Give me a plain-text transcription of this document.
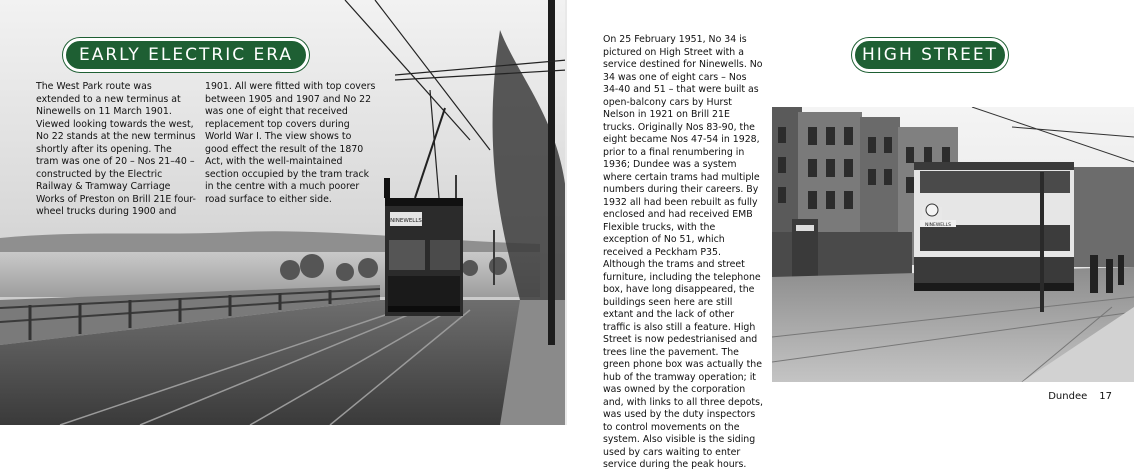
NINEWELLS
EARLY ELECTRIC ERA
The West Park route was extended to a new terminus at Ninewells on 11 March 1901. Viewed looking towards the west, No 22 stands at the new terminus shortly after its opening. The tram was one of 20 – Nos 21–40 – constructed by the Electric Railway & Tramway Carriage Works of Preston on Brill 21E four-wheel trucks during 1900 and
1901. All were fitted with top covers between 1905 and 1907 and No 22 was one of eight that received replacement top covers during World War I. The view shows to good effect the result of the 1870 Act, with the well-maintained section occupied by the tram track in the centre with a much poorer road surface to either side.
On 25 February 1951, No 34 is pictured on High Street with a service destined for Ninewells. No 34 was one of eight cars – Nos 34-40 and 51 – that were built as open-balcony cars by Hurst Nelson in 1921 on Brill 21E trucks. Originally Nos 83-90, the eight became Nos 47-54 in 1928, prior to a final renumbering in 1936; Dundee was a system where certain trams had multiple numbers during their careers. By 1932 all had been rebuilt as fully enclosed and had received EMB Flexible trucks, with the exception of No 51, which received a Peckham P35. Although the trams and street furniture, including the telephone box, have long disappeared, the buildings seen here are still extant and the lack of other traffic is also still a feature. High Street is now pedestrianised and trees line the pavement. The green phone box was actually the hub of the tramway operation; it was owned by the corporation and, with links to all three depots, was used by the duty inspectors to control movements on the system. Also visible is the siding used by cars waiting to enter service during the peak hours.
HIGH STREET
NINEWELLS
Dundee 17
